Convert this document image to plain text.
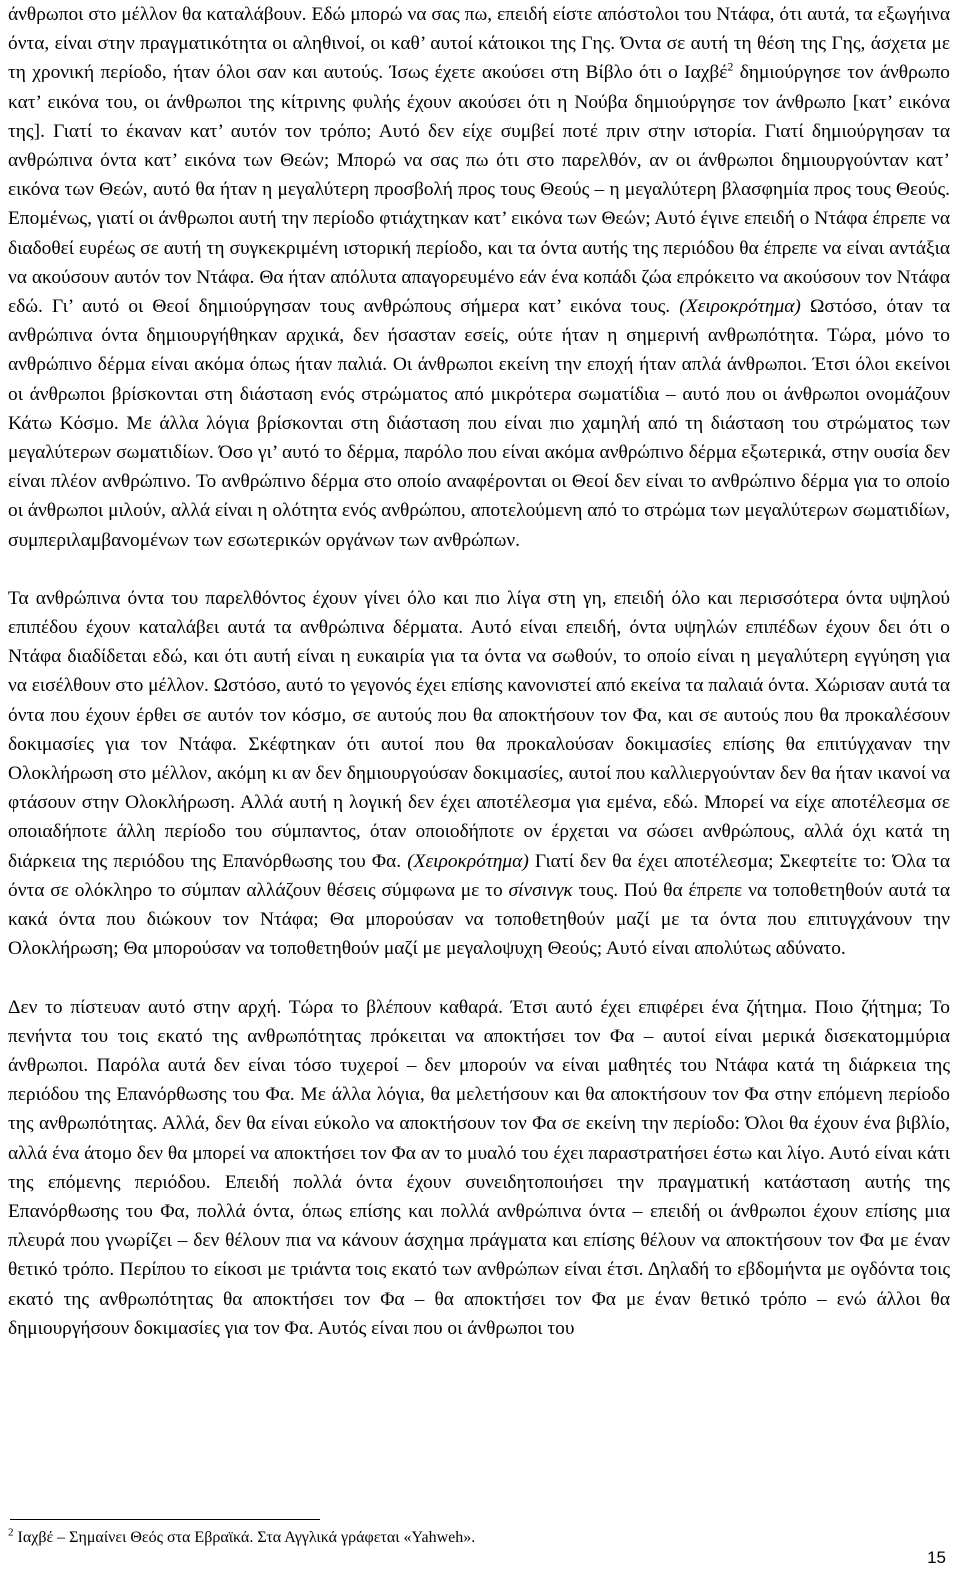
άνθρωποι στο μέλλον θα καταλάβουν. Εδώ μπορώ να σας πω, επειδή είστε απόστολοι του Ντάφα, ότι αυτά, τα εξωγήινα όντα, είναι στην πραγματικότητα οι αληθινοί, οι καθ’ αυτοί κάτοικοι της Γης. Όντα σε αυτή τη θέση της Γης, άσχετα με τη χρονική περίοδο, ήταν όλοι σαν και αυτούς. Ίσως έχετε ακούσει στη Βίβλο ότι ο Ιαχβέ$^2$ δημιούργησε τον άνθρωπο κατ’ εικόνα του, οι άνθρωποι της κίτρινης φυλής έχουν ακούσει ότι η Νούβα δημιούργησε τον άνθρωπο [κατ’ εικόνα της]. Γιατί το έκαναν κατ’ αυτόν τον τρόπο; Αυτό δεν είχε συμβεί ποτέ πριν στην ιστορία. Γιατί δημιούργησαν τα ανθρώπινα όντα κατ’ εικόνα των Θεών; Μπορώ να σας πω ότι στο παρελθόν, αν οι άνθρωποι δημιουργούνταν κατ’ εικόνα των Θεών, αυτό θα ήταν η μεγαλύτερη προσβολή προς τους Θεούς – η μεγαλύτερη βλασφημία προς τους Θεούς. Επομένως, γιατί οι άνθρωποι αυτή την περίοδο φτιάχτηκαν κατ’ εικόνα των Θεών; Αυτό έγινε επειδή ο Ντάφα έπρεπε να διαδοθεί ευρέως σε αυτή τη συγκεκριμένη ιστορική περίοδο, και τα όντα αυτής της περιόδου θα έπρεπε να είναι αντάξια να ακούσουν αυτόν τον Ντάφα. Θα ήταν απόλυτα απαγορευμένο εάν ένα κοπάδι ζώα επρόκειτο να ακούσουν τον Ντάφα εδώ. Γι’ αυτό οι Θεοί δημιούργησαν τους ανθρώπους σήμερα κατ’ εικόνα τους. (Χειροκρότημα) Ωστόσο, όταν τα ανθρώπινα όντα δημιουργήθηκαν αρχικά, δεν ήσασταν εσείς, ούτε ήταν η σημερινή ανθρωπότητα. Τώρα, μόνο το ανθρώπινο δέρμα είναι ακόμα όπως ήταν παλιά. Οι άνθρωποι εκείνη την εποχή ήταν απλά άνθρωποι. Έτσι όλοι εκείνοι οι άνθρωποι βρίσκονται στη διάσταση ενός στρώματος από μικρότερα σωματίδια – αυτό που οι άνθρωποι ονομάζουν Κάτω Κόσμο. Με άλλα λόγια βρίσκονται στη διάσταση που είναι πιο χαμηλή από τη διάσταση του στρώματος των μεγαλύτερων σωματιδίων. Όσο γι’ αυτό το δέρμα, παρόλο που είναι ακόμα ανθρώπινο δέρμα εξωτερικά, στην ουσία δεν είναι πλέον ανθρώπινο. Το ανθρώπινο δέρμα στο οποίο αναφέρονται οι Θεοί δεν είναι το ανθρώπινο δέρμα για το οποίο οι άνθρωποι μιλούν, αλλά είναι η ολότητα ενός ανθρώπου, αποτελούμενη από το στρώμα των μεγαλύτερων σωματιδίων, συμπεριλαμβανομένων των εσωτερικών οργάνων των ανθρώπων.

Τα ανθρώπινα όντα του παρελθόντος έχουν γίνει όλο και πιο λίγα στη γη, επειδή όλο και περισσότερα όντα υψηλού επιπέδου έχουν καταλάβει αυτά τα ανθρώπινα δέρματα. Αυτό είναι επειδή, όντα υψηλών επιπέδων έχουν δει ότι ο Ντάφα διαδίδεται εδώ, και ότι αυτή είναι η ευκαιρία για τα όντα να σωθούν, το οποίο είναι η μεγαλύτερη εγγύηση για να εισέλθουν στο μέλλον. Ωστόσο, αυτό το γεγονός έχει επίσης κανονιστεί από εκείνα τα παλαιά όντα. Χώρισαν αυτά τα όντα που έχουν έρθει σε αυτόν τον κόσμο, σε αυτούς που θα αποκτήσουν τον Φα, και σε αυτούς που θα προκαλέσουν δοκιμασίες για τον Ντάφα. Σκέφτηκαν ότι αυτοί που θα προκαλούσαν δοκιμασίες επίσης θα επιτύγχαναν την Ολοκλήρωση στο μέλλον, ακόμη κι αν δεν δημιουργούσαν δοκιμασίες, αυτοί που καλλιεργούνταν δεν θα ήταν ικανοί να φτάσουν στην Ολοκλήρωση. Αλλά αυτή η λογική δεν έχει αποτέλεσμα για εμένα, εδώ. Μπορεί να είχε αποτέλεσμα σε οποιαδήποτε άλλη περίοδο του σύμπαντος, όταν οποιοδήποτε ον έρχεται να σώσει ανθρώπους, αλλά όχι κατά τη διάρκεια της περιόδου της Επανόρθωσης του Φα. (Χειροκρότημα) Γιατί δεν θα έχει αποτέλεσμα; Σκεφτείτε το: Όλα τα όντα σε ολόκληρο το σύμπαν αλλάζουν θέσεις σύμφωνα με το σίνσινγκ τους. Πού θα έπρεπε να τοποθετηθούν αυτά τα κακά όντα που διώκουν τον Ντάφα; Θα μπορούσαν να τοποθετηθούν μαζί με τα όντα που επιτυγχάνουν την Ολοκλήρωση; Θα μπορούσαν να τοποθετηθούν μαζί με μεγαλοψυχη Θεούς; Αυτό είναι απολύτως αδύνατο.

Δεν το πίστευαν αυτό στην αρχή. Τώρα το βλέπουν καθαρά. Έτσι αυτό έχει επιφέρει ένα ζήτημα. Ποιο ζήτημα; Το πενήντα του τοις εκατό της ανθρωπότητας πρόκειται να αποκτήσει τον Φα – αυτοί είναι μερικά δισεκατομμύρια άνθρωποι. Παρόλα αυτά δεν είναι τόσο τυχεροί – δεν μπορούν να είναι μαθητές του Ντάφα κατά τη διάρκεια της περιόδου της Επανόρθωσης του Φα. Με άλλα λόγια, θα μελετήσουν και θα αποκτήσουν τον Φα στην επόμενη περίοδο της ανθρωπότητας. Αλλά, δεν θα είναι εύκολο να αποκτήσουν τον Φα σε εκείνη την περίοδο: Όλοι θα έχουν ένα βιβλίο, αλλά ένα άτομο δεν θα μπορεί να αποκτήσει τον Φα αν το μυαλό του έχει παραστρατήσει έστω και λίγο. Αυτό είναι κάτι της επόμενης περιόδου. Επειδή πολλά όντα έχουν συνειδητοποιήσει την πραγματική κατάσταση αυτής της Επανόρθωσης του Φα, πολλά όντα, όπως επίσης και πολλά ανθρώπινα όντα – επειδή οι άνθρωποι έχουν επίσης μια πλευρά που γνωρίζει – δεν θέλουν πια να κάνουν άσχημα πράγματα και επίσης θέλουν να αποκτήσουν τον Φα με έναν θετικό τρόπο. Περίπου το είκοσι με τριάντα τοις εκατό των ανθρώπων είναι έτσι. Δηλαδή το εβδομήντα με ογδόντα τοις εκατό της ανθρωπότητας θα αποκτήσει τον Φα – θα αποκτήσει τον Φα με έναν θετικό τρόπο – ενώ άλλοι θα δημιουργήσουν δοκιμασίες για τον Φα. Αυτός είναι που οι άνθρωποι του

$^2$ Ιαχβέ – Σημαίνει Θεός στα Εβραϊκά. Στα Αγγλικά γράφεται «Yahweh».
15
